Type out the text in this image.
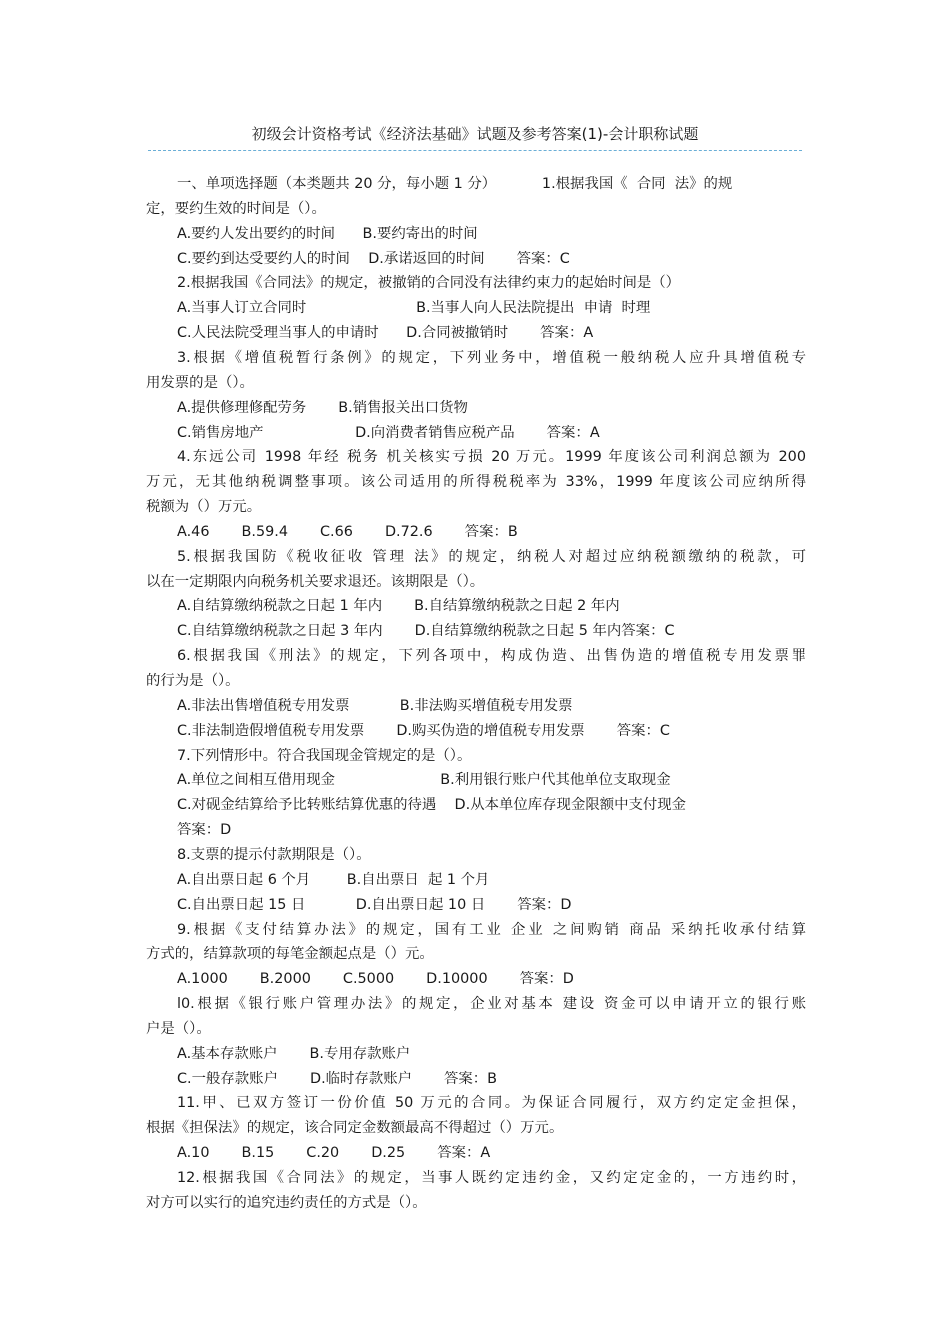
初级会计资格考试《经济法基础》试题及参考答案(1)-会计职称试题
一、单项选择题（本类题共 20 分，每小题 1 分）          1.根据我国《  合同  法》的规
定，要约生效的时间是（）。
A.要约人发出要约的时间      B.要约寄出的时间
C.要约到达受要约人的时间    D.承诺返回的时间       答案：C
2.根据我国《合同法》的规定，被撤销的合同没有法律约束力的起始时间是（）
A.当事人订立合同时                        B.当事人向人民法院提出  申请  时理
C.人民法院受理当事人的申请时      D.合同被撤销时       答案：A
3.根据《增值税暂行条例》的规定，下列业务中，增值税一般纳税人应升具增值税专
用发票的是（）。
A.提供修理修配劳务       B.销售报关出口货物
C.销售房地产                    D.向消费者销售应税产品       答案：A
4.东远公司 1998 年经 税务 机关核实亏损 20 万元。1999 年度该公司利润总额为 200
万元，无其他纳税调整事项。该公司适用的所得税税率为 33%，1999 年度该公司应纳所得
税额为（）万元。
A.46       B.59.4       C.66       D.72.6       答案：B
5.根据我国防《税收征收 管理 法》的规定，纳税人对超过应纳税额缴纳的税款，可
以在一定期限内向税务机关要求退还。该期限是（）。
A.自结算缴纳税款之日起 1 年内       B.自结算缴纳税款之日起 2 年内
C.自结算缴纳税款之日起 3 年内       D.自结算缴纳税款之日起 5 年内答案：C
6.根据我国《刑法》的规定，下列各项中，构成伪造、出售伪造的增值税专用发票罪
的行为是（）。
A.非法出售增值税专用发票           B.非法购买增值税专用发票
C.非法制造假增值税专用发票       D.购买伪造的增值税专用发票       答案：C
7.下列情形中。符合我国现金管规定的是（）。
A.单位之间相互借用现金                       B.利用银行账户代其他单位支取现金
C.对砚金结算给予比转账结算优惠的待遇    D.从本单位库存现金限额中支付现金
答案：D
8.支票的提示付款期限是（）。
A.自出票日起 6 个月        B.自出票日  起 1 个月
C.自出票日起 15 日           D.自出票日起 10 日       答案：D
9.根据《支付结算办法》的规定，国有工业 企业 之间购销 商品 采纳托收承付结算
方式的，结算款项的每笔金额起点是（）元。
A.1000       B.2000       C.5000       D.10000       答案：D
l0.根据《银行账户管理办法》的规定，企业对基本 建设 资金可以申请开立的银行账
户是（）。
A.基本存款账户       B.专用存款账户
C.一般存款账户       D.临时存款账户       答案：B
11.甲、已双方签订一份价值 50 万元的合同。为保证合同履行，双方约定定金担保，
根据《担保法》的规定，该合同定金数额最高不得超过（）万元。
A.10       B.15       C.20       D.25       答案：A
12.根据我国《合同法》的规定，当事人既约定违约金，又约定定金的，一方违约时，
对方可以实行的追究违约责任的方式是（）。
